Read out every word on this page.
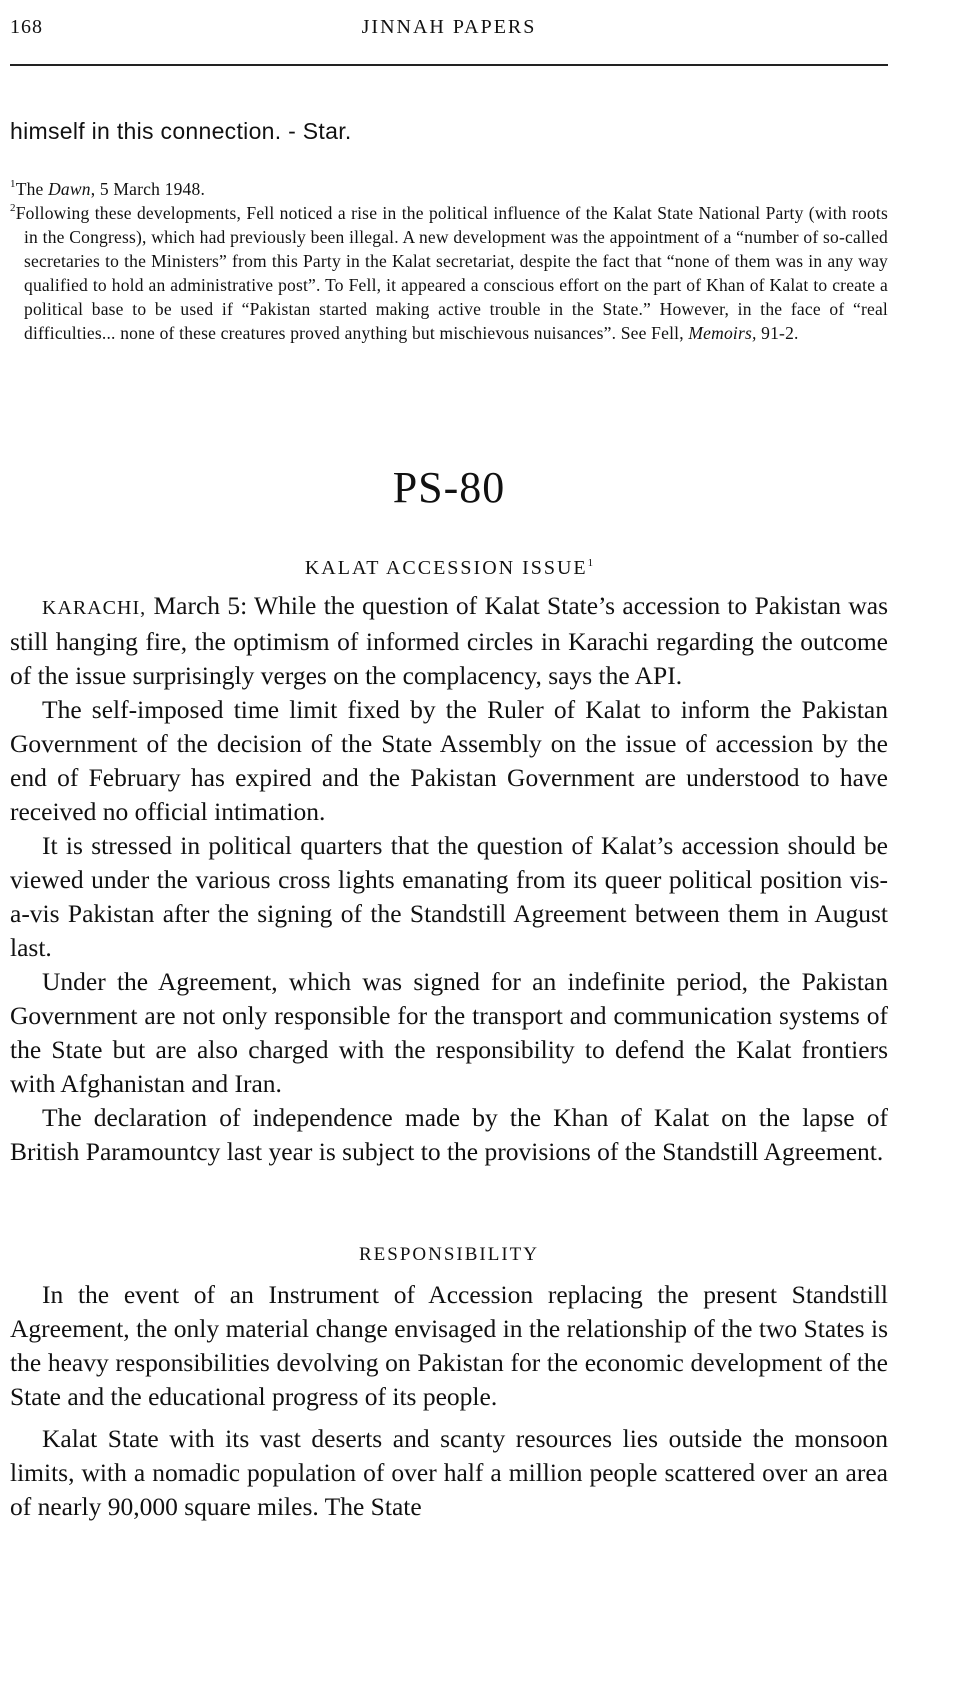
168	JINNAH PAPERS
himself in this connection. - Star.

$^1$The Dawn, 5 March 1948.

$^2$Following these developments, Fell noticed a rise in the political influence of the Kalat State National Party (with roots in the Congress), which had previously been illegal. A new development was the appointment of a “number of so-called secretaries to the Ministers” from this Party in the Kalat secretariat, despite the fact that “none of them was in any way qualified to hold an administrative post”. To Fell, it appeared a conscious effort on the part of Khan of Kalat to create a political base to be used if “Pakistan started making active trouble in the State.” However, in the face of “real difficulties... none of these creatures proved anything but mischievous nuisances”. See Fell, Memoirs, 91-2.

PS-80
KALAT ACCESSION ISSUE$^1$

KARACHI, March 5: While the question of Kalat State’s accession to Pakistan was still hanging fire, the optimism of informed circles in Karachi regarding the outcome of the issue surprisingly verges on the complacency, says the API.

The self-imposed time limit fixed by the Ruler of Kalat to inform the Pakistan Government of the decision of the State Assembly on the issue of accession by the end of February has expired and the Pakistan Government are understood to have received no official intimation.

It is stressed in political quarters that the question of Kalat’s accession should be viewed under the various cross lights emanating from its queer political position vis-a-vis Pakistan after the signing of the Standstill Agreement between them in August last.

Under the Agreement, which was signed for an indefinite period, the Pakistan Government are not only responsible for the transport and communication systems of the State but are also charged with the responsibility to defend the Kalat frontiers with Afghanistan and Iran.

The declaration of independence made by the Khan of Kalat on the lapse of British Paramountcy last year is subject to the provisions of the Standstill Agreement.

RESPONSIBILITY

In the event of an Instrument of Accession replacing the present Standstill Agreement, the only material change envisaged in the relationship of the two States is the heavy responsibilities devolving on Pakistan for the economic development of the State and the educational progress of its people.

Kalat State with its vast deserts and scanty resources lies outside the monsoon limits, with a nomadic population of over half a million people scattered over an area of nearly 90,000 square miles. The State
